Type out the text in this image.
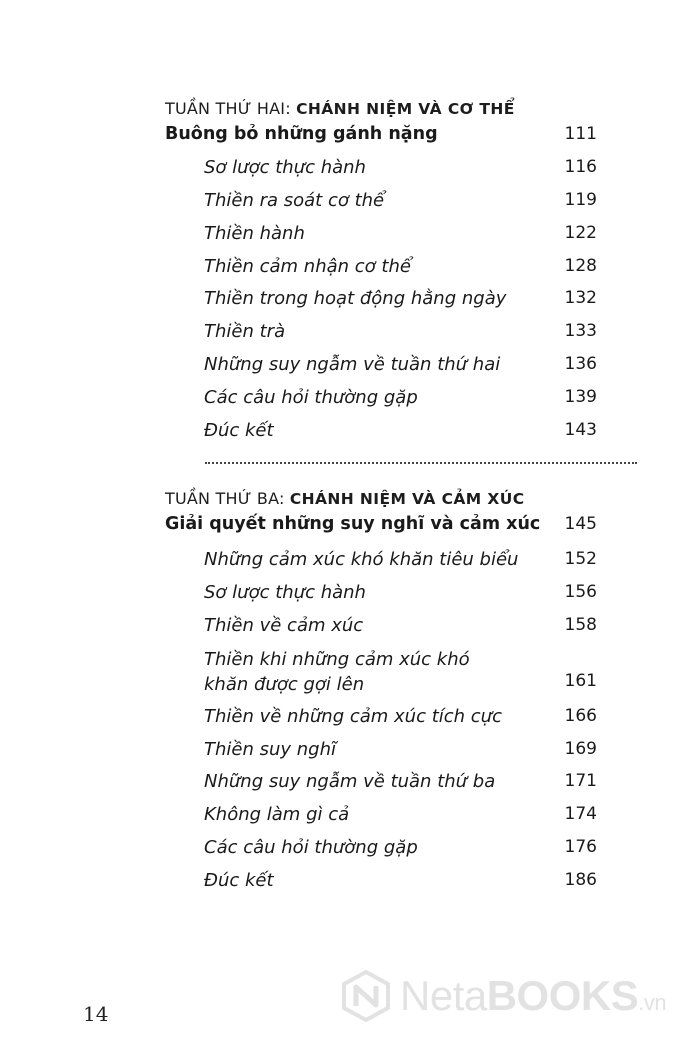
TUẦN THỨ HAI: CHÁNH NIỆM VÀ CƠ THỂ
Buông bỏ những gánh nặng	111
Sơ lược thực hành	116
Thiền ra soát cơ thể	119
Thiền hành	122
Thiền cảm nhận cơ thể	128
Thiền trong hoạt động hằng ngày	132
Thiền trà	133
Những suy ngẫm về tuần thứ hai	136
Các câu hỏi thường gặp	139
Đúc kết	143
TUẦN THỨ BA: CHÁNH NIỆM VÀ CẢM XÚC
Giải quyết những suy nghĩ và cảm xúc 145
Những cảm xúc khó khăn tiêu biểu	152
Sơ lược thực hành	156
Thiền về cảm xúc	158
Thiền khi những cảm xúc khó khăn được gợi lên	161
Thiền về những cảm xúc tích cực	166
Thiền suy nghĩ	169
Những suy ngẫm về tuần thứ ba	171
Không làm gì cả	174
Các câu hỏi thường gặp	176
Đúc kết	186
14	NetaBOOKS.vn
